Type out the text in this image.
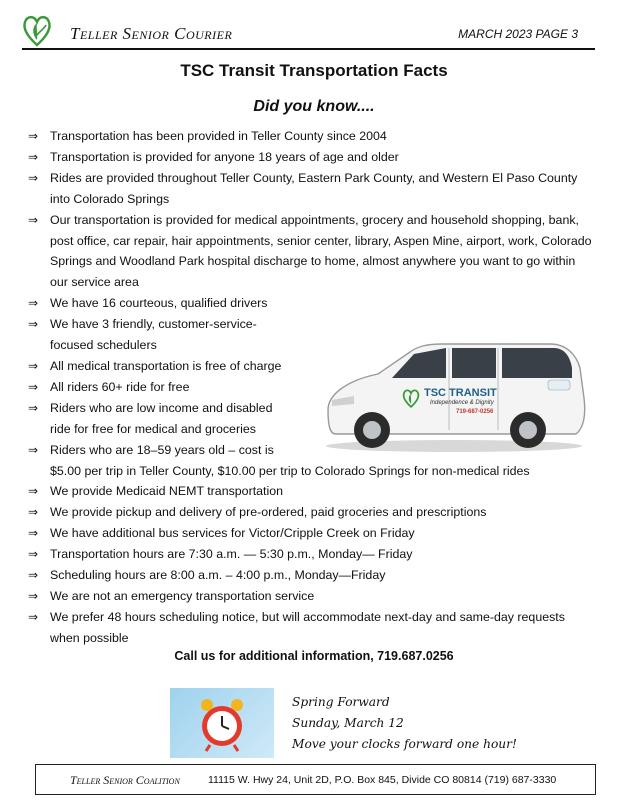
Teller Senior Courier	MARCH 2023 PAGE 3
TSC Transit Transportation Facts
Did you know....
⇒ Transportation has been provided in Teller County since 2004
⇒ Transportation is provided for anyone 18 years of age and older
⇒ Rides are provided throughout Teller County, Eastern Park County, and Western El Paso County into Colorado Springs
⇒ Our transportation is provided for medical appointments, grocery and household shopping, bank, post office, car repair, hair appointments, senior center, library, Aspen Mine, airport, work, Colorado Springs and Woodland Park hospital discharge to home, almost anywhere you want to go within our service area
⇒ We have 16 courteous, qualified drivers
⇒ We have 3 friendly, customer-service-focused schedulers
⇒ All medical transportation is free of charge
⇒ All riders 60+ ride for free
⇒ Riders who are low income and disabled ride for free for medical and groceries
⇒ Riders who are 18–59 years old – cost is
$5.00 per trip in Teller County, $10.00 per trip to Colorado Springs for non-medical rides
⇒ We provide Medicaid NEMT transportation
⇒ We provide pickup and delivery of pre-ordered, paid groceries and prescriptions
⇒ We have additional bus services for Victor/Cripple Creek on Friday
⇒ Transportation hours are 7:30 a.m. — 5:30 p.m., Monday— Friday
⇒ Scheduling hours are 8:00 a.m. – 4:00 p.m., Monday—Friday
⇒ We are not an emergency transportation service
⇒ We prefer 48 hours scheduling notice, but will accommodate next-day and same-day requests when possible
TSC TRANSIT
Independence & Dignity
719-687-0256
Call us for additional information, 719.687.0256
Spring Forward
Sunday, March 12
Move your clocks forward one hour!
Teller Senior Coalition	11115 W. Hwy 24, Unit 2D, P.O. Box 845, Divide CO 80814 (719) 687-3330
